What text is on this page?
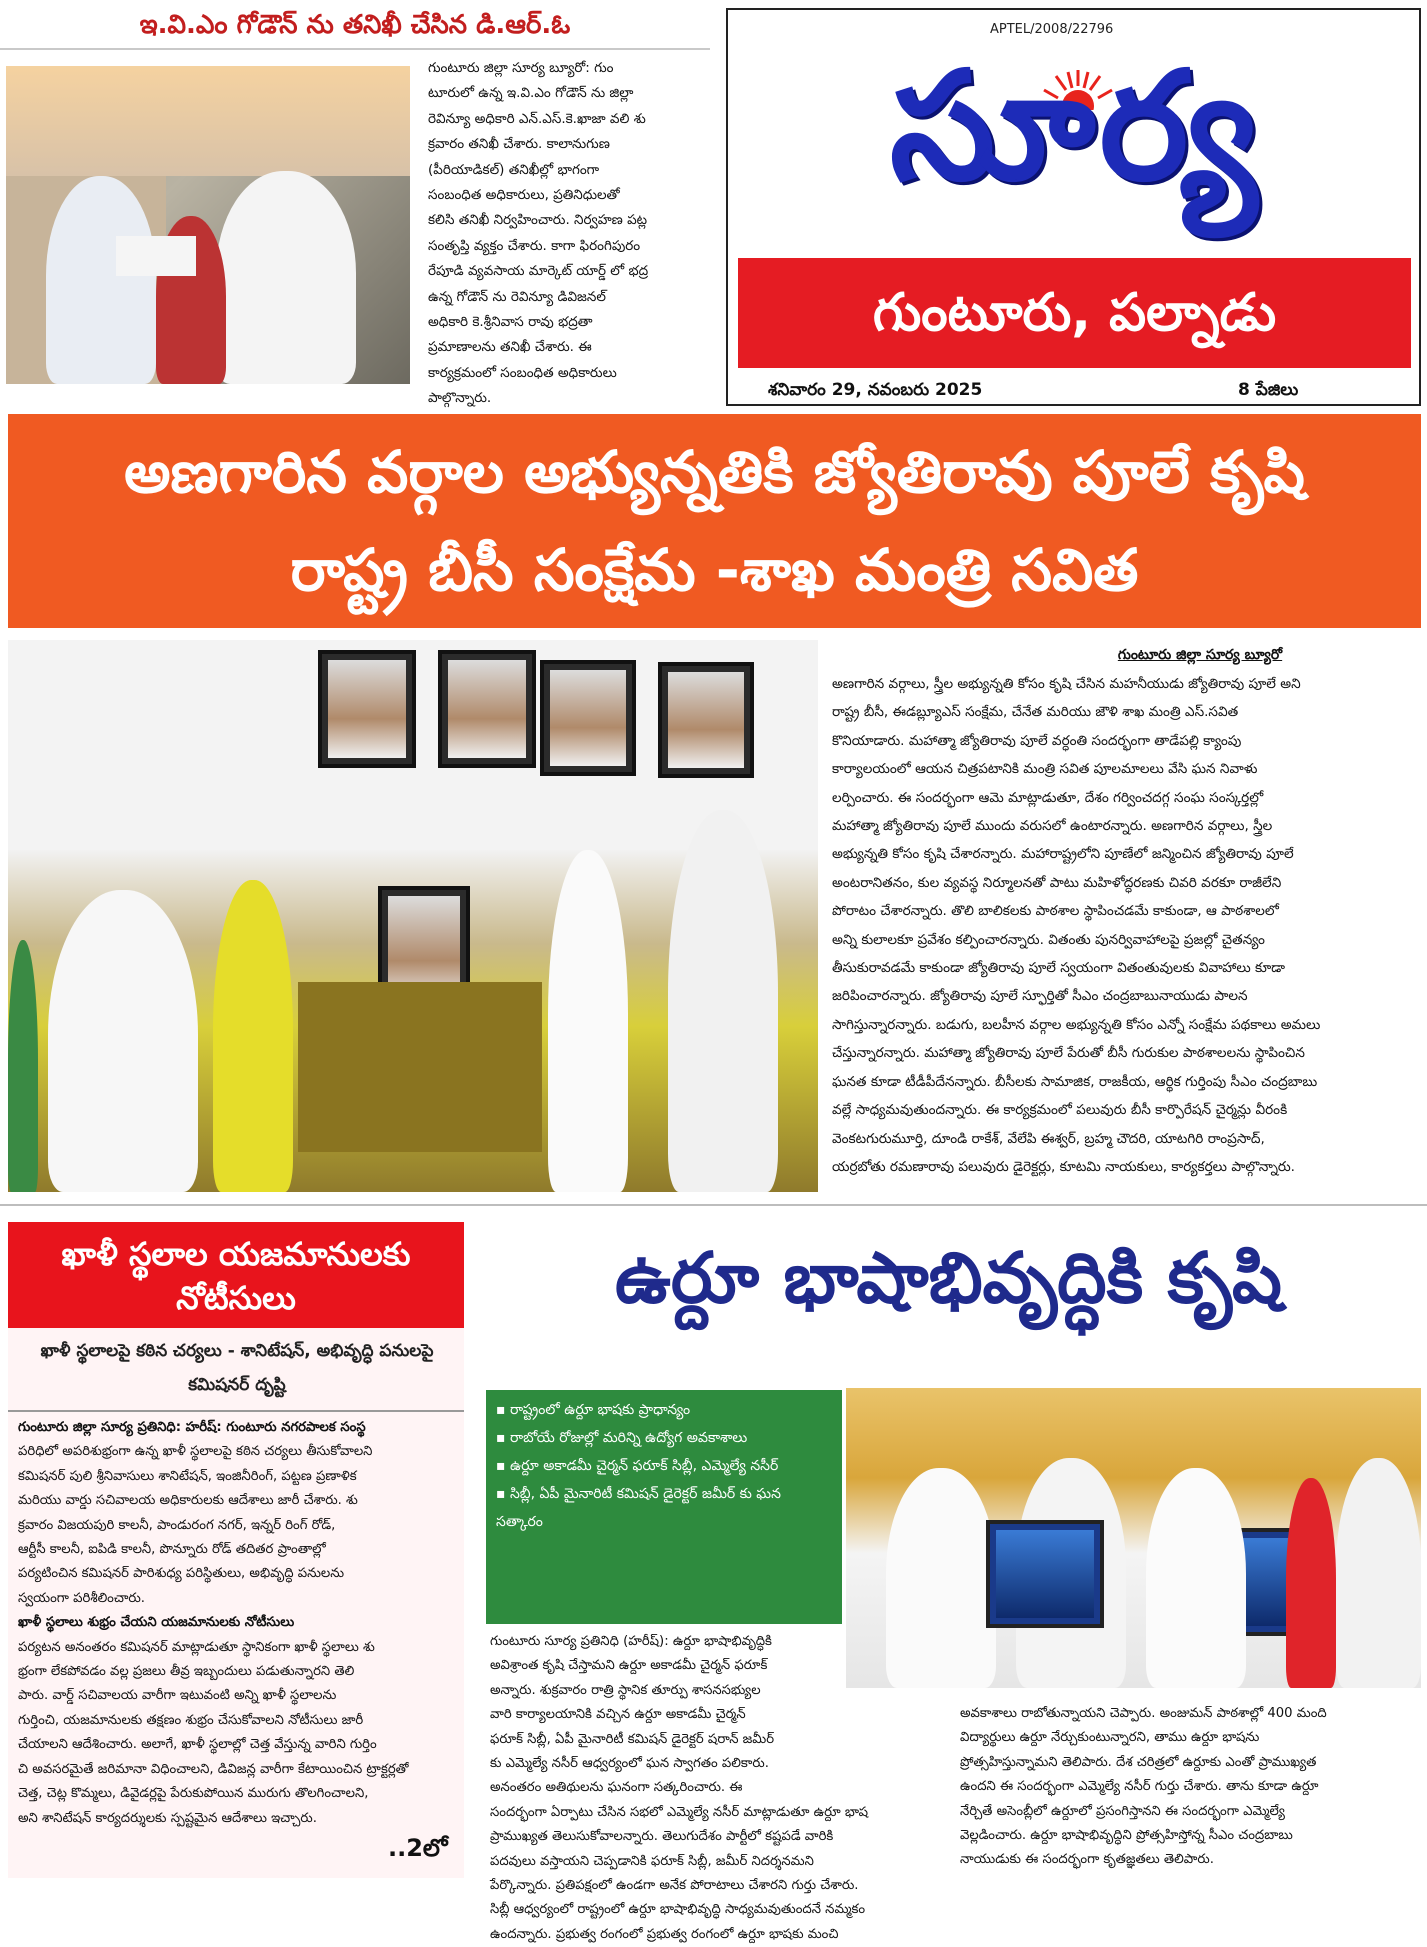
ఇ.వి.ఎం గోడౌన్ ను తనిఖీ చేసిన డి.ఆర్.ఓ
గుంటూరు జిల్లా సూర్య బ్యూరో: గుం
టూరులో ఉన్న ఇ.వి.ఎం గోడౌన్ ను జిల్లా
రెవిన్యూ అధికారి ఎన్.ఎస్.కె.ఖాజా వలి శు
క్రవారం తనిఖీ చేశారు. కాలానుగుణ
(పీరియాడికల్) తనిఖీల్లో భాగంగా
సంబంధిత అధికారులు, ప్రతినిధులతో
కలిసి తనిఖీ నిర్వహించారు. నిర్వహణ పట్ల
సంతృప్తి వ్యక్తం చేశారు. కాగా ఫిరంగిపురం
రేపూడి వ్యవసాయ మార్కెట్ యార్డ్ లో భద్ర
ఉన్న గోడౌన్ ను రెవిన్యూ డివిజనల్
అధికారి కె.శ్రీనివాస రావు భద్రతా
ప్రమాణాలను తనిఖీ చేశారు. ఈ
కార్యక్రమంలో సంబంధిత అధికారులు
పాల్గొన్నారు.
APTEL/2008/22796
సూర్య
గుంటూరు, పల్నాడు
శనివారం 29, నవంబరు 2025	8 పేజిలు
అణగారిన వర్గాల అభ్యున్నతికి జ్యోతిరావు పూలే కృషి
రాష్ట్ర బీసీ సంక్షేమ -శాఖ మంత్రి సవిత
గుంటూరు జిల్లా సూర్య బ్యూరో
అణగారిన వర్గాలు, స్త్రీల అభ్యున్నతి కోసం కృషి చేసిన మహనీయుడు జ్యోతిరావు పూలే అని
రాష్ట్ర బీసీ, ఈడబ్ల్యూఎస్ సంక్షేమ, చేనేత మరియు జౌళి శాఖ మంత్రి ఎస్.సవిత
కొనియాడారు. మహాత్మా జ్యోతిరావు పూలే వర్ధంతి సందర్భంగా తాడేపల్లి క్యాంపు
కార్యాలయంలో ఆయన చిత్రపటానికి మంత్రి సవిత పూలమాలలు వేసి ఘన నివాళు
లర్పించారు. ఈ సందర్భంగా ఆమె మాట్లాడుతూ, దేశం గర్వించదగ్గ సంఘ సంస్కర్తల్లో
మహాత్మా జ్యోతిరావు పూలే ముందు వరుసలో ఉంటారన్నారు. అణగారిన వర్గాలు, స్త్రీల
అభ్యున్నతి కోసం కృషి చేశారన్నారు. మహారాష్ట్రలోని పూణేలో జన్మించిన జ్యోతిరావు పూలే
అంటరానితనం, కుల వ్యవస్థ నిర్మూలనతో పాటు మహిళోద్ధరణకు చివరి వరకూ రాజీలేని
పోరాటం చేశారన్నారు. తొలి బాలికలకు పాఠశాల స్థాపించడమే కాకుండా, ఆ పాఠశాలలో
అన్ని కులాలకూ ప్రవేశం కల్పించారన్నారు. వితంతు పునర్వివాహాలపై ప్రజల్లో చైతన్యం
తీసుకురావడమే కాకుండా జ్యోతిరావు పూలే స్వయంగా వితంతువులకు వివాహాలు కూడా
జరిపించారన్నారు. జ్యోతిరావు పూలే స్ఫూర్తితో సీఎం చంద్రబాబునాయుడు పాలన
సాగిస్తున్నారన్నారు. బడుగు, బలహీన వర్గాల అభ్యున్నతి కోసం ఎన్నో సంక్షేమ పథకాలు అమలు
చేస్తున్నారన్నారు. మహాత్మా జ్యోతిరావు పూలే పేరుతో బీసీ గురుకుల పాఠశాలలను స్థాపించిన
ఘనత కూడా టీడీపీదేనన్నారు. బీసీలకు సామాజిక, రాజకీయ, ఆర్థిక గుర్తింపు సీఎం చంద్రబాబు
వల్లే సాధ్యమవుతుందన్నారు. ఈ కార్యక్రమంలో పలువురు బీసీ కార్పొరేషన్ చైర్మన్లు వీరంకి
వెంకటగురుమూర్తి, దూండి రాకేశ్, వేలేపి ఈశ్వర్, బ్రహ్మ చౌదరి, యాటగిరి రాంప్రసాద్,
యర్రబోతు రమణారావు పలువురు డైరెక్టర్లు, కూటమి నాయకులు, కార్యకర్తలు పాల్గొన్నారు.
ఖాళీ స్థలాల యజమానులకు నోటీసులు
ఖాళీ స్థలాలపై కఠిన చర్యలు - శానిటేషన్, అభివృద్ధి పనులపై కమిషనర్ దృష్టి
గుంటూరు జిల్లా సూర్య ప్రతినిధి: హరీష్: గుంటూరు నగరపాలక సంస్థ
పరిధిలో అపరిశుభ్రంగా ఉన్న ఖాళీ స్థలాలపై కఠిన చర్యలు తీసుకోవాలని
కమిషనర్ పులి శ్రీనివాసులు శానిటేషన్, ఇంజినీరింగ్, పట్టణ ప్రణాళిక
మరియు వార్డు సచివాలయ అధికారులకు ఆదేశాలు జారీ చేశారు. శు
క్రవారం విజయపురి కాలనీ, పాండురంగ నగర్, ఇన్నర్ రింగ్ రోడ్,
ఆర్టీసీ కాలనీ, ఐపిడి కాలనీ, పొన్నూరు రోడ్ తదితర ప్రాంతాల్లో
పర్యటించిన కమిషనర్ పారిశుధ్య పరిస్థితులు, అభివృద్ధి పనులను
స్వయంగా పరిశీలించారు.
ఖాళీ స్థలాలు శుభ్రం చేయని యజమానులకు నోటీసులు
పర్యటన అనంతరం కమిషనర్ మాట్లాడుతూ స్థానికంగా ఖాళీ స్థలాలు శు
భ్రంగా లేకపోవడం వల్ల ప్రజలు తీవ్ర ఇబ్బందులు పడుతున్నారని తెలి
పారు. వార్డ్ సచివాలయ వారీగా ఇటువంటి అన్ని ఖాళీ స్థలాలను
గుర్తించి, యజమానులకు తక్షణం శుభ్రం చేసుకోవాలని నోటీసులు జారీ
చేయాలని ఆదేశించారు. అలాగే, ఖాళీ స్థలాల్లో చెత్త వేస్తున్న వారిని గుర్తిం
చి అవసరమైతే జరిమానా విధించాలని, డివిజన్ల వారీగా కేటాయించిన ట్రాక్టర్లతో
చెత్త, చెట్ల కొమ్మలు, డివైడర్లపై పేరుకుపోయిన మురుగు తొలగించాలని,
అని శానిటేషన్ కార్యదర్శులకు స్పష్టమైన ఆదేశాలు ఇచ్చారు.
..2లో
ఉర్దూ భాషాభివృద్ధికి కృషి
▪ రాష్ట్రంలో ఉర్దూ భాషకు ప్రాధాన్యం
▪ రాబోయే రోజుల్లో మరిన్ని ఉద్యోగ అవకాశాలు
▪ ఉర్దూ అకాడమీ చైర్మన్ ఫరూక్ సిబ్లీ, ఎమ్మెల్యే నసీర్
▪ సిబ్లీ, ఏపీ మైనారిటీ కమిషన్ డైరెక్టర్ జమీర్ కు ఘన సత్కారం
గుంటూరు సూర్య ప్రతినిధి (హరీష్): ఉర్దూ భాషాభివృద్ధికి
అవిశ్రాంత కృషి చేస్తామని ఉర్దూ అకాడమీ చైర్మన్ ఫరూక్
అన్నారు. శుక్రవారం రాత్రి స్థానిక తూర్పు శాసనసభ్యుల
వారి కార్యాలయానికి వచ్చిన ఉర్దూ అకాడమీ చైర్మన్
ఫరూక్ సిబ్లీ, ఏపీ మైనారిటీ కమిషన్ డైరెక్టర్ షరాన్ జమీర్
కు ఎమ్మెల్యే నసీర్ ఆధ్వర్యంలో ఘన స్వాగతం పలికారు.
అనంతరం అతిథులను ఘనంగా సత్కరించారు. ఈ
సందర్భంగా ఏర్పాటు చేసిన సభలో ఎమ్మెల్యే నసీర్ మాట్లాడుతూ ఉర్దూ భాష
ప్రాముఖ్యత తెలుసుకోవాలన్నారు. తెలుగుదేశం పార్టీలో కష్టపడే వారికి
పదవులు వస్తాయని చెప్పడానికి ఫరూక్ సిబ్లీ, జమీర్ నిదర్శనమని
పేర్కొన్నారు. ప్రతిపక్షంలో ఉండగా అనేక పోరాటాలు చేశారని గుర్తు చేశారు.
సిబ్లీ ఆధ్వర్యంలో రాష్ట్రంలో ఉర్దూ భాషాభివృద్ధి సాధ్యమవుతుందనే నమ్మకం
ఉందన్నారు. ప్రభుత్వ రంగంలో ప్రభుత్వ రంగంలో ఉర్దూ భాషకు మంచి
అవకాశాలు రాబోతున్నాయని చెప్పారు. అంజుమన్ పాఠశాల్లో 400 మంది
విద్యార్థులు ఉర్దూ నేర్చుకుంటున్నారని, తాము ఉర్దూ భాషను
ప్రోత్సహిస్తున్నామని తెలిపారు. దేశ చరిత్రలో ఉర్దూకు ఎంతో ప్రాముఖ్యత
ఉందని ఈ సందర్భంగా ఎమ్మెల్యే నసీర్ గుర్తు చేశారు. తాను కూడా ఉర్దూ
నేర్చితే అసెంబ్లీలో ఉర్దూలో ప్రసంగిస్తానని ఈ సందర్భంగా ఎమ్మెల్యే
వెల్లడించారు. ఉర్దూ భాషాభివృద్ధిని ప్రోత్సహిస్తోన్న సీఎం చంద్రబాబు
నాయుడుకు ఈ సందర్భంగా కృతజ్ఞతలు తెలిపారు.
